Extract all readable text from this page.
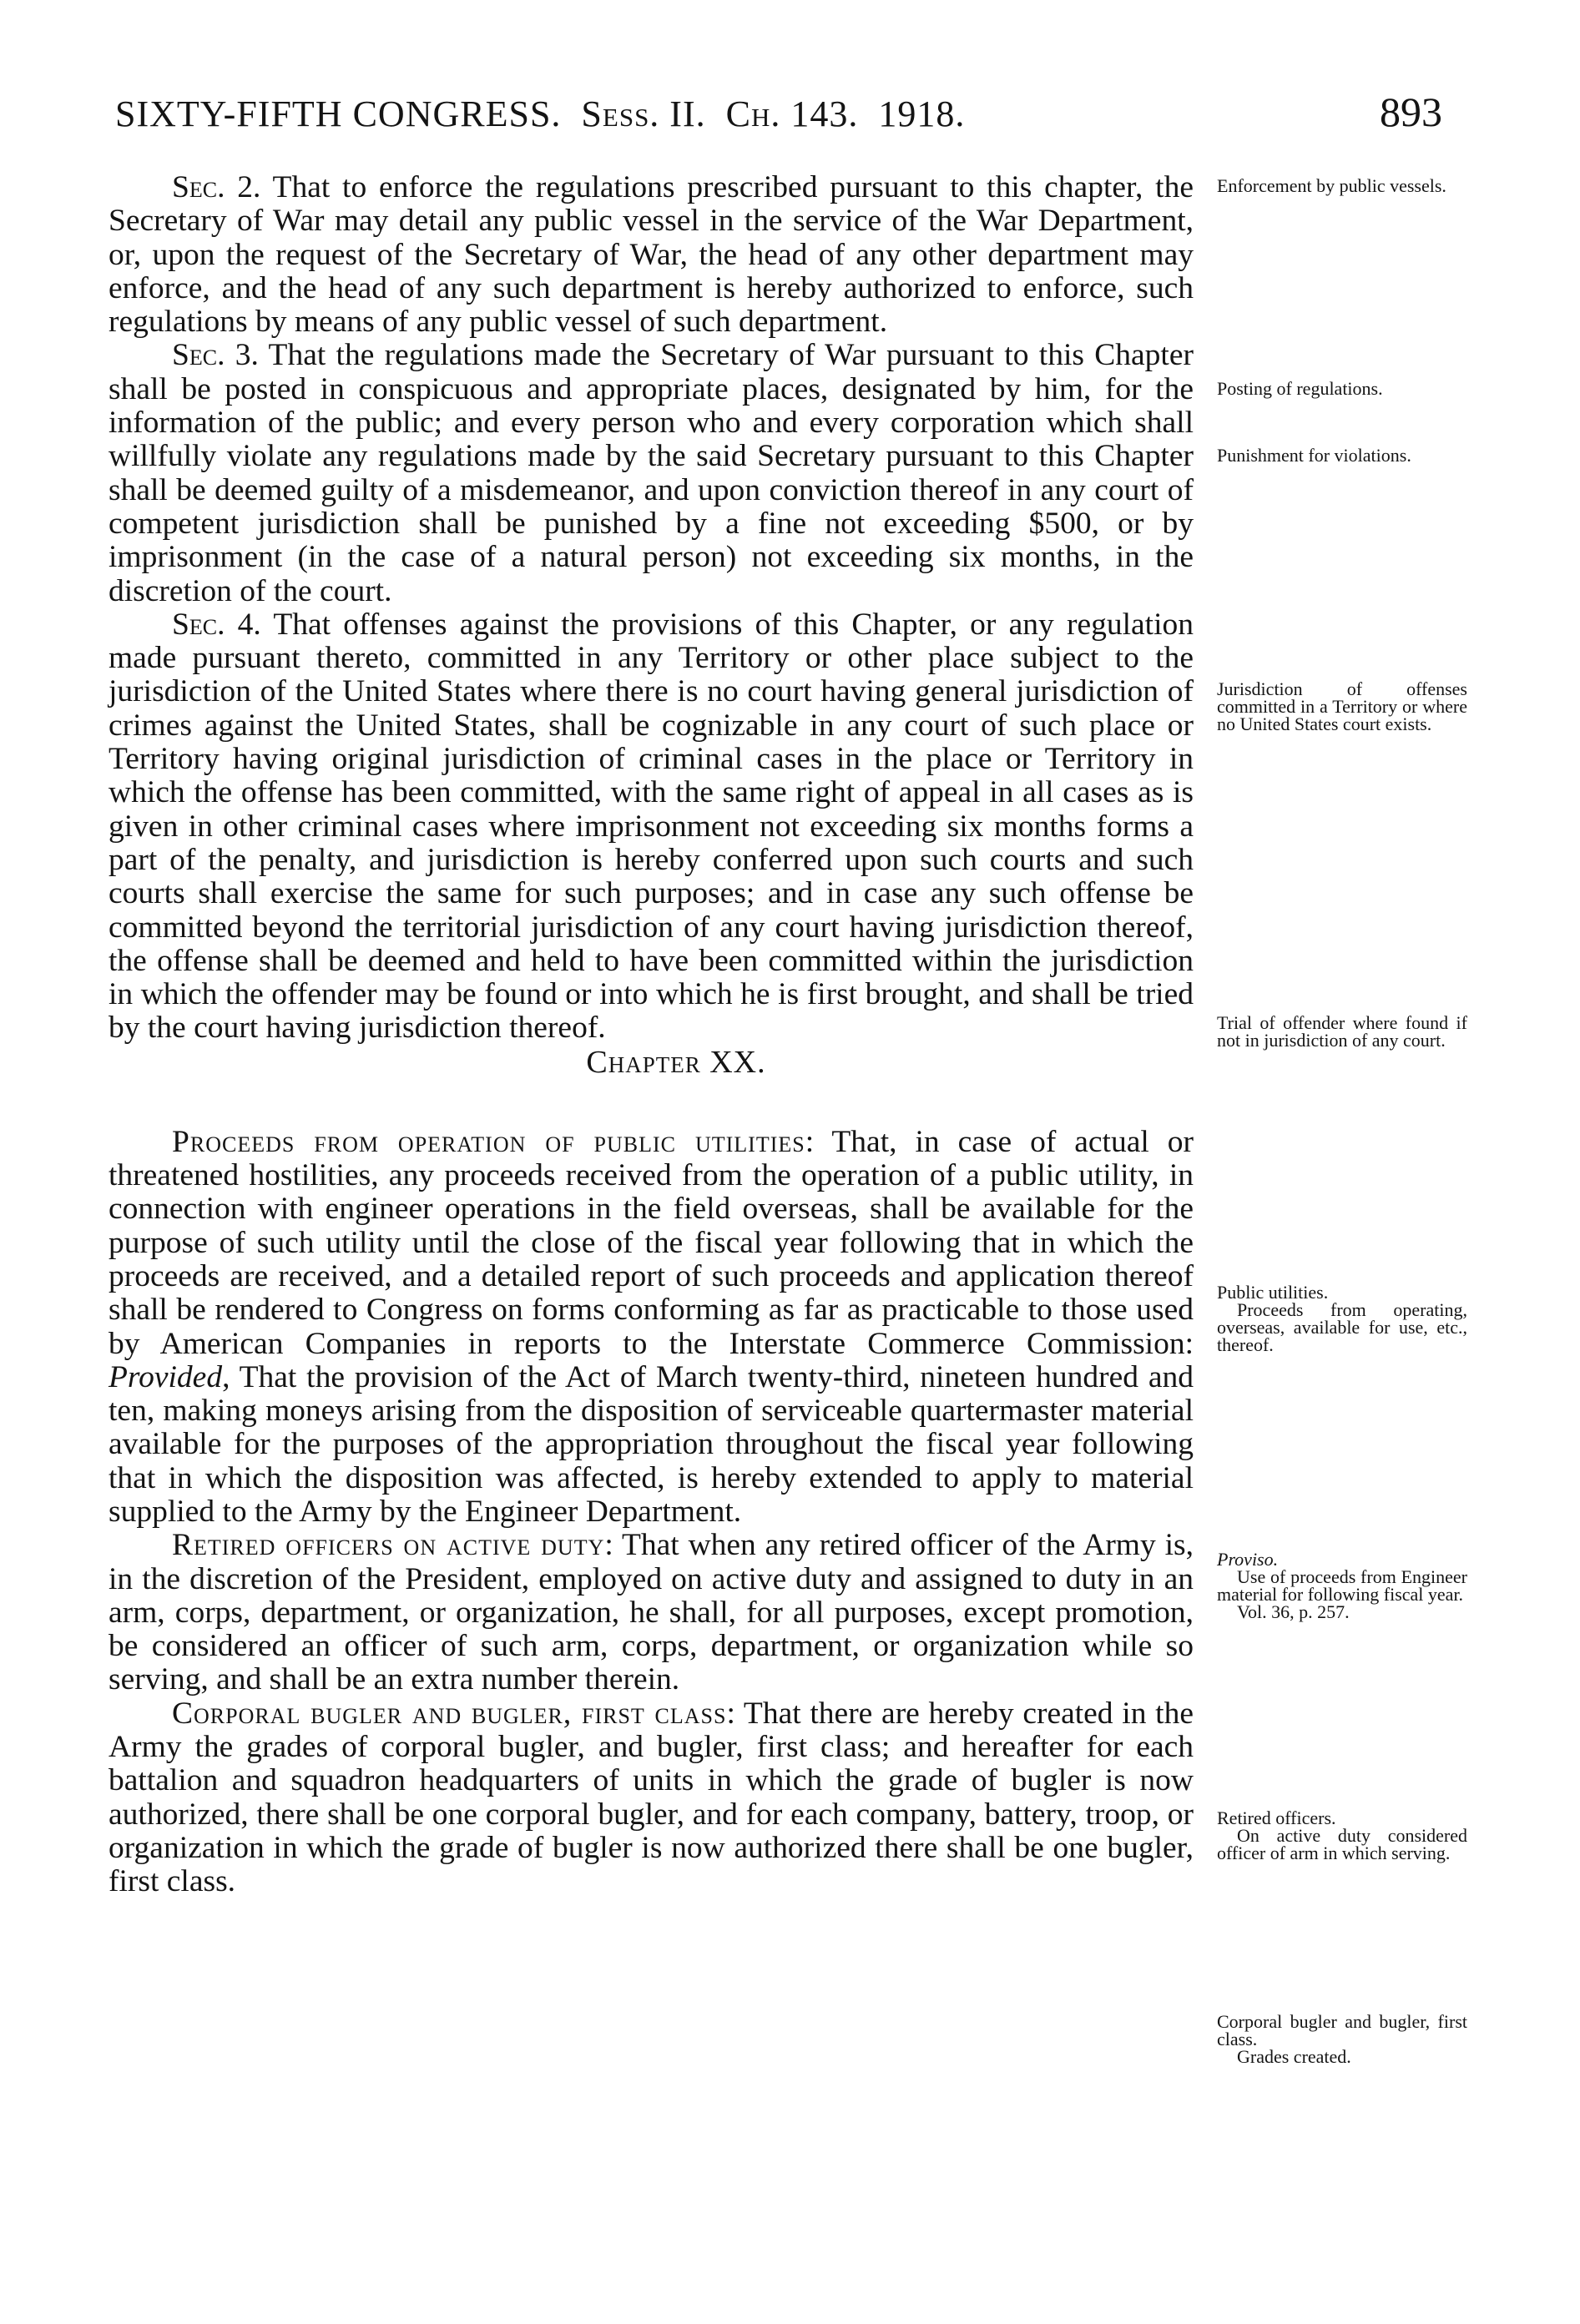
SIXTY-FIFTH CONGRESS. Sess. II. Ch. 143. 1918.	893

Sec. 2. That to enforce the regulations prescribed pursuant to this chapter, the Secretary of War may detail any public vessel in the service of the War Department, or, upon the request of the Secretary of War, the head of any other department may enforce, and the head of any such department is hereby authorized to enforce, such regulations by means of any public vessel of such department.

Sec. 3. That the regulations made the Secretary of War pursuant to this Chapter shall be posted in conspicuous and appropriate places, designated by him, for the information of the public; and every person who and every corporation which shall willfully violate any regulations made by the said Secretary pursuant to this Chapter shall be deemed guilty of a misdemeanor, and upon conviction thereof in any court of competent jurisdiction shall be punished by a fine not exceeding $500, or by imprisonment (in the case of a natural person) not exceeding six months, in the discretion of the court.

Sec. 4. That offenses against the provisions of this Chapter, or any regulation made pursuant thereto, committed in any Territory or other place subject to the jurisdiction of the United States where there is no court having general jurisdiction of crimes against the United States, shall be cognizable in any court of such place or Territory having original jurisdiction of criminal cases in the place or Territory in which the offense has been committed, with the same right of appeal in all cases as is given in other criminal cases where imprisonment not exceeding six months forms a part of the penalty, and jurisdiction is hereby conferred upon such courts and such courts shall exercise the same for such purposes; and in case any such offense be committed beyond the territorial jurisdiction of any court having jurisdiction thereof, the offense shall be deemed and held to have been committed within the jurisdiction in which the offender may be found or into which he is first brought, and shall be tried by the court having jurisdiction thereof.

Chapter XX.

Proceeds from operation of public utilities: That, in case of actual or threatened hostilities, any proceeds received from the operation of a public utility, in connection with engineer operations in the field overseas, shall be available for the purpose of such utility until the close of the fiscal year following that in which the proceeds are received, and a detailed report of such proceeds and application thereof shall be rendered to Congress on forms conforming as far as practicable to those used by American Companies in reports to the Interstate Commerce Commission: Provided, That the provision of the Act of March twenty-third, nineteen hundred and ten, making moneys arising from the disposition of serviceable quartermaster material available for the purposes of the appropriation throughout the fiscal year following that in which the disposition was affected, is hereby extended to apply to material supplied to the Army by the Engineer Department.

Retired officers on active duty: That when any retired officer of the Army is, in the discretion of the President, employed on active duty and assigned to duty in an arm, corps, department, or organization, he shall, for all purposes, except promotion, be considered an officer of such arm, corps, department, or organization while so serving, and shall be an extra number therein.

Corporal bugler and bugler, first class: That there are hereby created in the Army the grades of corporal bugler, and bugler, first class; and hereafter for each battalion and squadron headquarters of units in which the grade of bugler is now authorized, there shall be one corporal bugler, and for each company, battery, troop, or organization in which the grade of bugler is now authorized there shall be one bugler, first class.

Enforcement by public vessels.
Posting of regulations.
Punishment for violations.
Jurisdiction of offenses committed in a Territory or where no United States court exists.
Trial of offender where found if not in jurisdiction of any court.
Public utilities.
Proceeds from operating, overseas, available for use, etc., thereof.
Proviso.
Use of proceeds from Engineer material for following fiscal year.
Vol. 36, p. 257.
Retired officers.
On active duty considered officer of arm in which serving.
Corporal bugler and bugler, first class.
Grades created.
